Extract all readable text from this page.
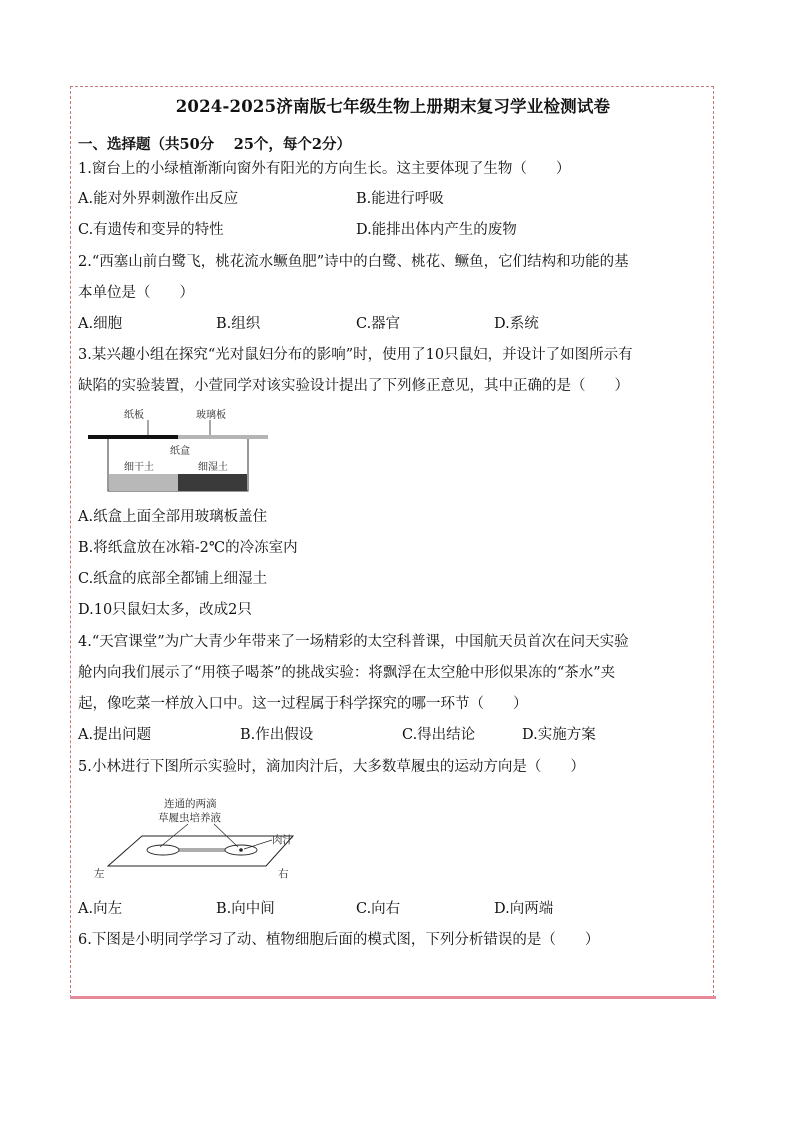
2024-2025济南版七年级生物上册期末复习学业检测试卷
一、选择题（共50分　 25个，每个2分）
1.窗台上的小绿植渐渐向窗外有阳光的方向生长。这主要体现了生物（　　）
A.能对外界刺激作出反应	B.能进行呼吸
C.有遗传和变异的特性	D.能排出体内产生的废物
2.“西塞山前白鹭飞，桃花流水鳜鱼肥”诗中的白鹭、桃花、鳜鱼，它们结构和功能的基
本单位是（　　）
A.细胞	B.组织	C.器官	D.系统
3.某兴趣小组在探究“光对鼠妇分布的影响”时，使用了10只鼠妇，并设计了如图所示有
缺陷的实验装置，小萱同学对该实验设计提出了下列修正意见，其中正确的是（　　）
纸板	玻璃板
纸盒
细干土	细湿土
A.纸盒上面全部用玻璃板盖住
B.将纸盒放在冰箱-2℃的冷冻室内
C.纸盒的底部全都铺上细湿土
D.10只鼠妇太多，改成2只
4.“天宫课堂”为广大青少年带来了一场精彩的太空科普课，中国航天员首次在问天实验
舱内向我们展示了“用筷子喝茶”的挑战实验：将飘浮在太空舱中形似果冻的“茶水”夹
起，像吃菜一样放入口中。这一过程属于科学探究的哪一环节（　　）
A.提出问题	B.作出假设	C.得出结论	D.实施方案
5.小林进行下图所示实验时，滴加肉汁后，大多数草履虫的运动方向是（　　）
连通的两滴
草履虫培养液
肉汁
左	右
A.向左	B.向中间	C.向右	D.向两端
6.下图是小明同学学习了动、植物细胞后面的模式图，下列分析错误的是（　　）
